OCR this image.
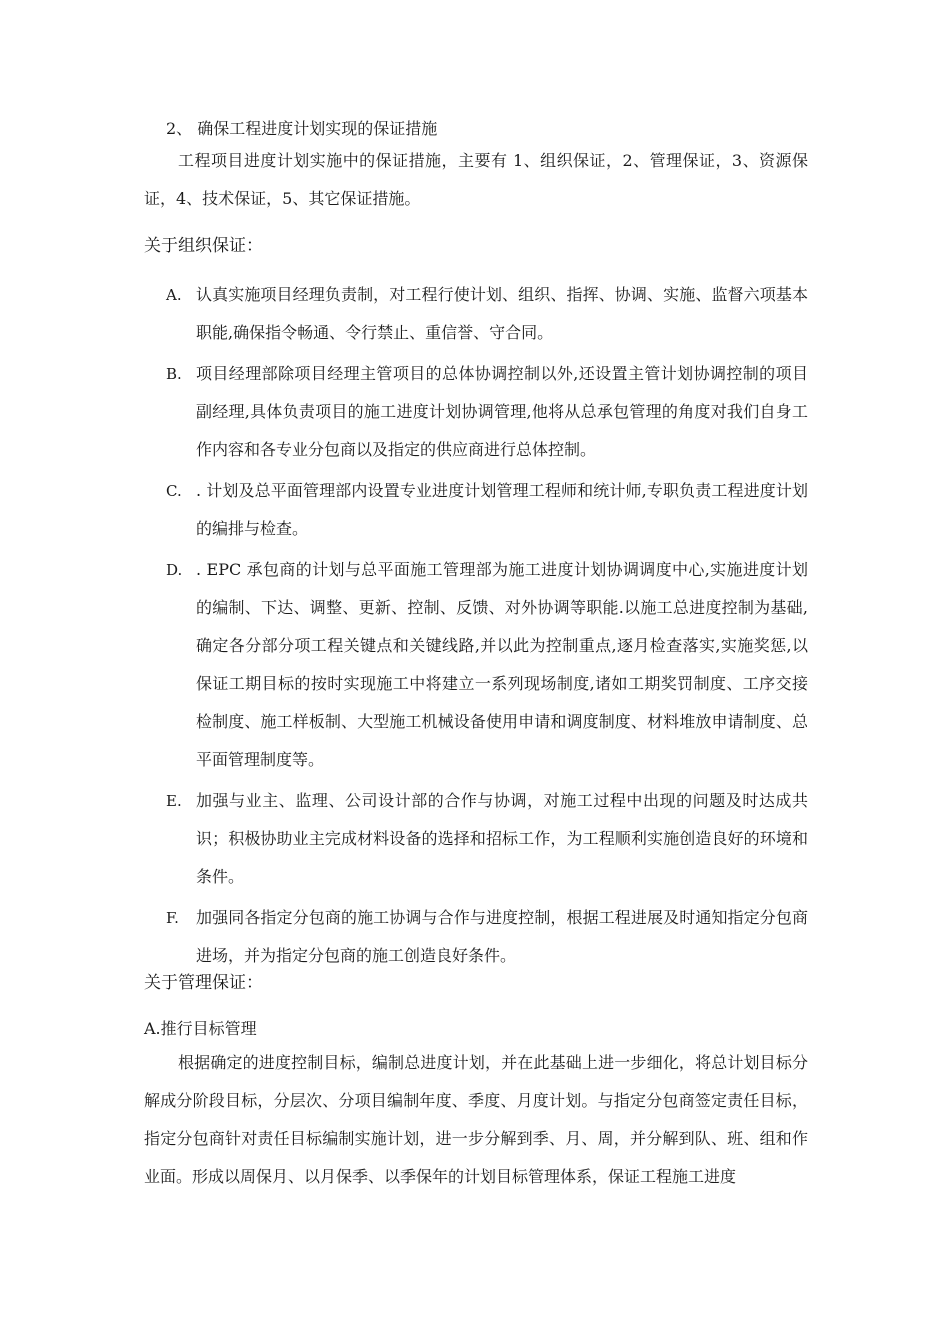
2、 确保工程进度计划实现的保证措施

工程项目进度计划实施中的保证措施，主要有 1、组织保证，2、管理保证，3、资源保证，4、技术保证，5、其它保证措施。

关于组织保证：
A. 认真实施项目经理负责制，对工程行使计划、组织、指挥、协调、实施、监督六项基本职能,确保指令畅通、令行禁止、重信誉、守合同。
B. 项目经理部除项目经理主管项目的总体协调控制以外,还设置主管计划协调控制的项目副经理,具体负责项目的施工进度计划协调管理,他将从总承包管理的角度对我们自身工作内容和各专业分包商以及指定的供应商进行总体控制。
C. . 计划及总平面管理部内设置专业进度计划管理工程师和统计师,专职负责工程进度计划的编排与检查。
D. . EPC 承包商的计划与总平面施工管理部为施工进度计划协调调度中心,实施进度计划的编制、下达、调整、更新、控制、反馈、对外协调等职能.以施工总进度控制为基础,确定各分部分项工程关键点和关键线路,并以此为控制重点,逐月检查落实,实施奖惩,以保证工期目标的按时实现施工中将建立一系列现场制度,诸如工期奖罚制度、工序交接检制度、施工样板制、大型施工机械设备使用申请和调度制度、材料堆放申请制度、总平面管理制度等。
E. 加强与业主、监理、公司设计部的合作与协调，对施工过程中出现的问题及时达成共识；积极协助业主完成材料设备的选择和招标工作，为工程顺利实施创造良好的环境和条件。
F. 加强同各指定分包商的施工协调与合作与进度控制，根据工程进展及时通知指定分包商进场，并为指定分包商的施工创造良好条件。
关于管理保证：
A.推行目标管理

根据确定的进度控制目标，编制总进度计划，并在此基础上进一步细化，将总计划目标分解成分阶段目标，分层次、分项目编制年度、季度、月度计划。与指定分包商签定责任目标，指定分包商针对责任目标编制实施计划，进一步分解到季、月、周，并分解到队、班、组和作业面。形成以周保月、以月保季、以季保年的计划目标管理体系，保证工程施工进度
